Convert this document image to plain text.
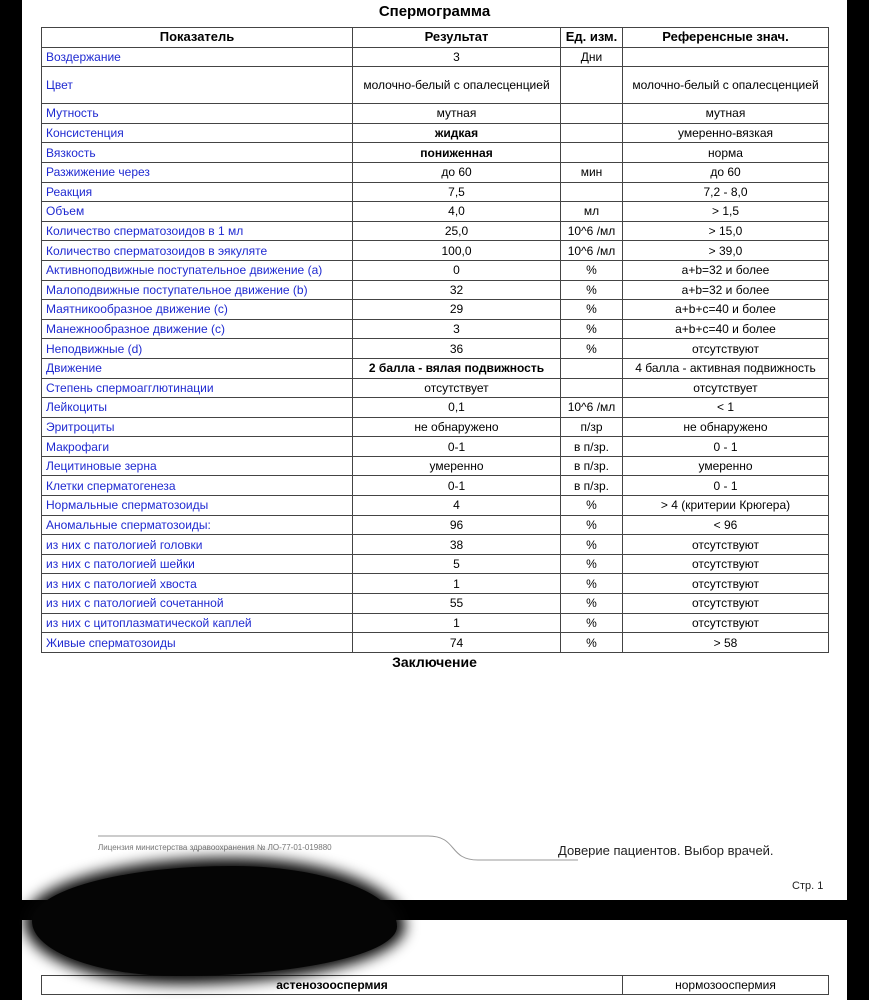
Спермограмма
Показатель	Результат	Ед. изм.	Референсные знач.
Воздержание	3	Дни	
Цвет	молочно-белый с опалесценцией		молочно-белый с опалесценцией
Мутность	мутная		мутная
Консистенция	жидкая		умеренно-вязкая
Вязкость	пониженная		норма
Разжижение через	до 60	мин	до 60
Реакция	7,5		7,2 - 8,0
Объем	4,0	мл	> 1,5
Количество сперматозоидов в 1 мл	25,0	10^6 /мл	> 15,0
Количество сперматозоидов в эякуляте	100,0	10^6 /мл	> 39,0
Активноподвижные поступательное движение (а)	0	%	a+b=32 и более
Малоподвижные поступательное движение (b)	32	%	a+b=32 и более
Маятникообразное движение (c)	29	%	a+b+c=40 и более
Манежнообразное движение (c)	3	%	a+b+c=40 и более
Неподвижные (d)	36	%	отсутствуют
Движение	2 балла - вялая подвижность		4 балла - активная подвижность
Степень спермоагглютинации	отсутствует		отсутствует
Лейкоциты	0,1	10^6 /мл	< 1
Эритроциты	не обнаружено	п/зр	не обнаружено
Макрофаги	0-1	в п/зр.	0 - 1
Лецитиновые зерна	умеренно	в п/зр.	умеренно
Клетки сперматогенеза	0-1	в п/зр.	0 - 1
Нормальные сперматозоиды	4	%	> 4 (критерии Крюгера)
Аномальные сперматозоиды:	96	%	< 96
из них с патологией головки	38	%	отсутствуют
из них с патологией шейки	5	%	отсутствуют
из них с патологией хвоста	1	%	отсутствуют
из них с патологией сочетанной	55	%	отсутствуют
из них с цитоплазматической каплей	1	%	отсутствуют
Живые сперматозоиды	74	%	> 58
Заключение
Лицензия министерства здравоохранения № ЛО-77-01-019880	Доверие пациентов. Выбор врачей.
Стр. 1
астенозооспермия	нормозооспермия
